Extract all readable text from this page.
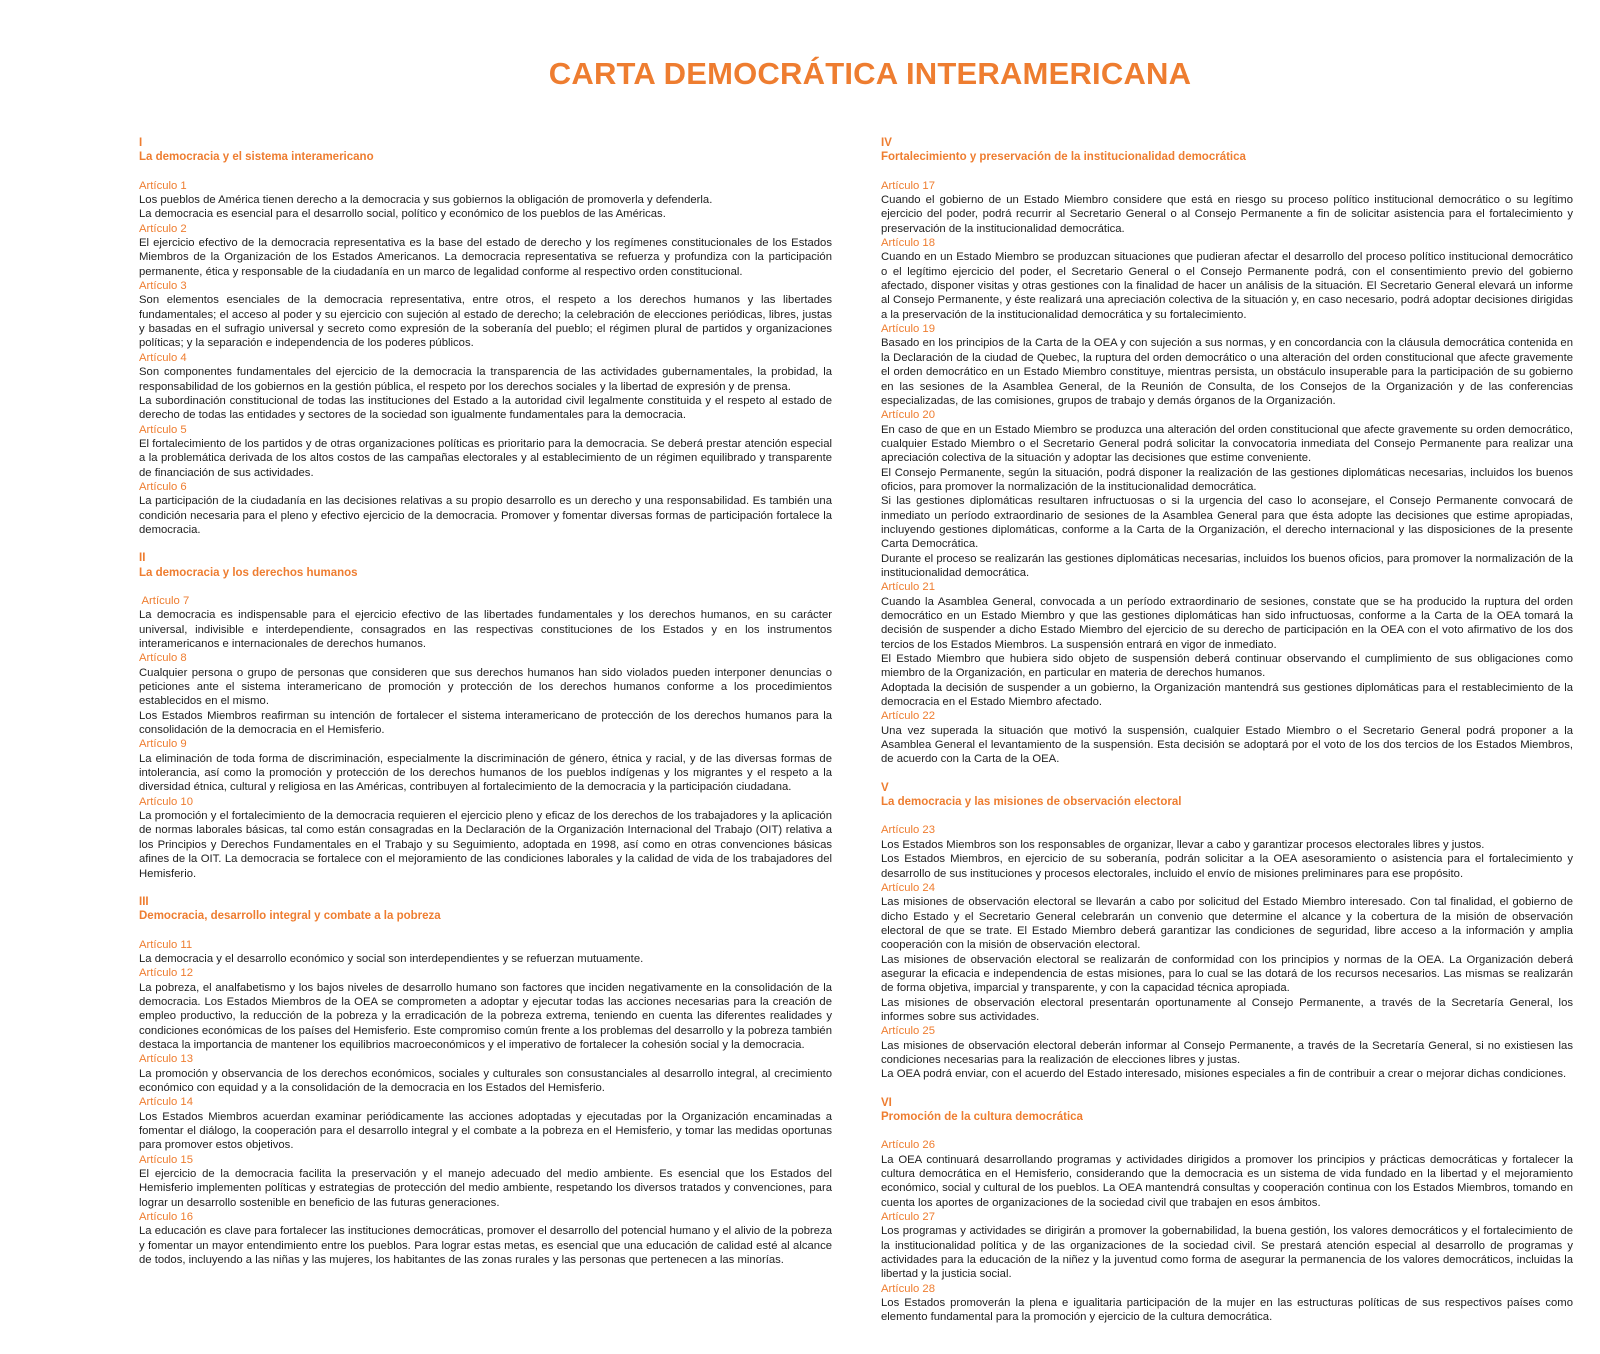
CARTA DEMOCRÁTICA INTERAMERICANA
I
La democracia y el sistema interamericano
Artículo 1

Los pueblos de América tienen derecho a la democracia y sus gobiernos la obligación de promoverla y defenderla.

La democracia es esencial para el desarrollo social, político y económico de los pueblos de las Américas.

Artículo 2

El ejercicio efectivo de la democracia representativa es la base del estado de derecho y los regímenes constitucionales de los Estados Miembros de la Organización de los Estados Americanos. La democracia representativa se refuerza y profundiza con la participación permanente, ética y responsable de la ciudadanía en un marco de legalidad conforme al respectivo orden constitucional.

Artículo 3

Son elementos esenciales de la democracia representativa, entre otros, el respeto a los derechos humanos y las libertades fundamentales; el acceso al poder y su ejercicio con sujeción al estado de derecho; la celebración de elecciones periódicas, libres, justas y basadas en el sufragio universal y secreto como expresión de la soberanía del pueblo; el régimen plural de partidos y organizaciones políticas; y la separación e independencia de los poderes públicos.

Artículo 4

Son componentes fundamentales del ejercicio de la democracia la transparencia de las actividades gubernamentales, la probidad, la responsabilidad de los gobiernos en la gestión pública, el respeto por los derechos sociales y la libertad de expresión y de prensa.

La subordinación constitucional de todas las instituciones del Estado a la autoridad civil legalmente constituida y el respeto al estado de derecho de todas las entidades y sectores de la sociedad son igualmente fundamentales para la democracia.

Artículo 5

El fortalecimiento de los partidos y de otras organizaciones políticas es prioritario para la democracia. Se deberá prestar atención especial a la problemática derivada de los altos costos de las campañas electorales y al establecimiento de un régimen equilibrado y transparente de financiación de sus actividades.

Artículo 6

La participación de la ciudadanía en las decisiones relativas a su propio desarrollo es un derecho y una responsabilidad. Es también una condición necesaria para el pleno y efectivo ejercicio de la democracia. Promover y fomentar diversas formas de participación fortalece la democracia.

II
La democracia y los derechos humanos
Artículo 7

La democracia es indispensable para el ejercicio efectivo de las libertades fundamentales y los derechos humanos, en su carácter universal, indivisible e interdependiente, consagrados en las respectivas constituciones de los Estados y en los instrumentos interamericanos e internacionales de derechos humanos.

Artículo 8

Cualquier persona o grupo de personas que consideren que sus derechos humanos han sido violados pueden interponer denuncias o peticiones ante el sistema interamericano de promoción y protección de los derechos humanos conforme a los procedimientos establecidos en el mismo.

Los Estados Miembros reafirman su intención de fortalecer el sistema interamericano de protección de los derechos humanos para la consolidación de la democracia en el Hemisferio.

Artículo 9

La eliminación de toda forma de discriminación, especialmente la discriminación de género, étnica y racial, y de las diversas formas de intolerancia, así como la promoción y protección de los derechos humanos de los pueblos indígenas y los migrantes y el respeto a la diversidad étnica, cultural y religiosa en las Américas, contribuyen al fortalecimiento de la democracia y la participación ciudadana.

Artículo 10

La promoción y el fortalecimiento de la democracia requieren el ejercicio pleno y eficaz de los derechos de los trabajadores y la aplicación de normas laborales básicas, tal como están consagradas en la Declaración de la Organización Internacional del Trabajo (OIT) relativa a los Principios y Derechos Fundamentales en el Trabajo y su Seguimiento, adoptada en 1998, así como en otras convenciones básicas afines de la OIT. La democracia se fortalece con el mejoramiento de las condiciones laborales y la calidad de vida de los trabajadores del Hemisferio.

III
Democracia, desarrollo integral y combate a la pobreza
Artículo 11

La democracia y el desarrollo económico y social son interdependientes y se refuerzan mutuamente.

Artículo 12

La pobreza, el analfabetismo y los bajos niveles de desarrollo humano son factores que inciden negativamente en la consolidación de la democracia. Los Estados Miembros de la OEA se comprometen a adoptar y ejecutar todas las acciones necesarias para la creación de empleo productivo, la reducción de la pobreza y la erradicación de la pobreza extrema, teniendo en cuenta las diferentes realidades y condiciones económicas de los países del Hemisferio. Este compromiso común frente a los problemas del desarrollo y la pobreza también destaca la importancia de mantener los equilibrios macroeconómicos y el imperativo de fortalecer la cohesión social y la democracia.

Artículo 13

La promoción y observancia de los derechos económicos, sociales y culturales son consustanciales al desarrollo integral, al crecimiento económico con equidad y a la consolidación de la democracia en los Estados del Hemisferio.

Artículo 14

Los Estados Miembros acuerdan examinar periódicamente las acciones adoptadas y ejecutadas por la Organización encaminadas a fomentar el diálogo, la cooperación para el desarrollo integral y el combate a la pobreza en el Hemisferio, y tomar las medidas oportunas para promover estos objetivos.

Artículo 15

El ejercicio de la democracia facilita la preservación y el manejo adecuado del medio ambiente. Es esencial que los Estados del Hemisferio implementen políticas y estrategias de protección del medio ambiente, respetando los diversos tratados y convenciones, para lograr un desarrollo sostenible en beneficio de las futuras generaciones.

Artículo 16

La educación es clave para fortalecer las instituciones democráticas, promover el desarrollo del potencial humano y el alivio de la pobreza y fomentar un mayor entendimiento entre los pueblos. Para lograr estas metas, es esencial que una educación de calidad esté al alcance de todos, incluyendo a las niñas y las mujeres, los habitantes de las zonas rurales y las personas que pertenecen a las minorías.

IV
Fortalecimiento y preservación de la institucionalidad democrática
Artículo 17

Cuando el gobierno de un Estado Miembro considere que está en riesgo su proceso político institucional democrático o su legítimo ejercicio del poder, podrá recurrir al Secretario General o al Consejo Permanente a fin de solicitar asistencia para el fortalecimiento y preservación de la institucionalidad democrática.

Artículo 18

Cuando en un Estado Miembro se produzcan situaciones que pudieran afectar el desarrollo del proceso político institucional democrático o el legítimo ejercicio del poder, el Secretario General o el Consejo Permanente podrá, con el consentimiento previo del gobierno afectado, disponer visitas y otras gestiones con la finalidad de hacer un análisis de la situación. El Secretario General elevará un informe al Consejo Permanente, y éste realizará una apreciación colectiva de la situación y, en caso necesario, podrá adoptar decisiones dirigidas a la preservación de la institucionalidad democrática y su fortalecimiento.

Artículo 19

Basado en los principios de la Carta de la OEA y con sujeción a sus normas, y en concordancia con la cláusula democrática contenida en la Declaración de la ciudad de Quebec, la ruptura del orden democrático o una alteración del orden constitucional que afecte gravemente el orden democrático en un Estado Miembro constituye, mientras persista, un obstáculo insuperable para la participación de su gobierno en las sesiones de la Asamblea General, de la Reunión de Consulta, de los Consejos de la Organización y de las conferencias especializadas, de las comisiones, grupos de trabajo y demás órganos de la Organización.

Artículo 20

En caso de que en un Estado Miembro se produzca una alteración del orden constitucional que afecte gravemente su orden democrático, cualquier Estado Miembro o el Secretario General podrá solicitar la convocatoria inmediata del Consejo Permanente para realizar una apreciación colectiva de la situación y adoptar las decisiones que estime conveniente.

El Consejo Permanente, según la situación, podrá disponer la realización de las gestiones diplomáticas necesarias, incluidos los buenos oficios, para promover la normalización de la institucionalidad democrática.

Si las gestiones diplomáticas resultaren infructuosas o si la urgencia del caso lo aconsejare, el Consejo Permanente convocará de inmediato un período extraordinario de sesiones de la Asamblea General para que ésta adopte las decisiones que estime apropiadas, incluyendo gestiones diplomáticas, conforme a la Carta de la Organización, el derecho internacional y las disposiciones de la presente Carta Democrática.

Durante el proceso se realizarán las gestiones diplomáticas necesarias, incluidos los buenos oficios, para promover la normalización de la institucionalidad democrática.

Artículo 21

Cuando la Asamblea General, convocada a un período extraordinario de sesiones, constate que se ha producido la ruptura del orden democrático en un Estado Miembro y que las gestiones diplomáticas han sido infructuosas, conforme a la Carta de la OEA tomará la decisión de suspender a dicho Estado Miembro del ejercicio de su derecho de participación en la OEA con el voto afirmativo de los dos tercios de los Estados Miembros. La suspensión entrará en vigor de inmediato.

El Estado Miembro que hubiera sido objeto de suspensión deberá continuar observando el cumplimiento de sus obligaciones como miembro de la Organización, en particular en materia de derechos humanos.

Adoptada la decisión de suspender a un gobierno, la Organización mantendrá sus gestiones diplomáticas para el restablecimiento de la democracia en el Estado Miembro afectado.

Artículo 22

Una vez superada la situación que motivó la suspensión, cualquier Estado Miembro o el Secretario General podrá proponer a la Asamblea General el levantamiento de la suspensión. Esta decisión se adoptará por el voto de los dos tercios de los Estados Miembros, de acuerdo con la Carta de la OEA.

V
La democracia y las misiones de observación electoral
Artículo 23

Los Estados Miembros son los responsables de organizar, llevar a cabo y garantizar procesos electorales libres y justos.

Los Estados Miembros, en ejercicio de su soberanía, podrán solicitar a la OEA asesoramiento o asistencia para el fortalecimiento y desarrollo de sus instituciones y procesos electorales, incluido el envío de misiones preliminares para ese propósito.

Artículo 24

Las misiones de observación electoral se llevarán a cabo por solicitud del Estado Miembro interesado. Con tal finalidad, el gobierno de dicho Estado y el Secretario General celebrarán un convenio que determine el alcance y la cobertura de la misión de observación electoral de que se trate. El Estado Miembro deberá garantizar las condiciones de seguridad, libre acceso a la información y amplia cooperación con la misión de observación electoral.

Las misiones de observación electoral se realizarán de conformidad con los principios y normas de la OEA. La Organización deberá asegurar la eficacia e independencia de estas misiones, para lo cual se las dotará de los recursos necesarios. Las mismas se realizarán de forma objetiva, imparcial y transparente, y con la capacidad técnica apropiada.

Las misiones de observación electoral presentarán oportunamente al Consejo Permanente, a través de la Secretaría General, los informes sobre sus actividades.

Artículo 25

Las misiones de observación electoral deberán informar al Consejo Permanente, a través de la Secretaría General, si no existiesen las condiciones necesarias para la realización de elecciones libres y justas.

La OEA podrá enviar, con el acuerdo del Estado interesado, misiones especiales a fin de contribuir a crear o mejorar dichas condiciones.

VI
Promoción de la cultura democrática
Artículo 26

La OEA continuará desarrollando programas y actividades dirigidos a promover los principios y prácticas democráticas y fortalecer la cultura democrática en el Hemisferio, considerando que la democracia es un sistema de vida fundado en la libertad y el mejoramiento económico, social y cultural de los pueblos. La OEA mantendrá consultas y cooperación continua con los Estados Miembros, tomando en cuenta los aportes de organizaciones de la sociedad civil que trabajen en esos ámbitos.

Artículo 27

Los programas y actividades se dirigirán a promover la gobernabilidad, la buena gestión, los valores democráticos y el fortalecimiento de la institucionalidad política y de las organizaciones de la sociedad civil. Se prestará atención especial al desarrollo de programas y actividades para la educación de la niñez y la juventud como forma de asegurar la permanencia de los valores democráticos, incluidas la libertad y la justicia social.

Artículo 28

Los Estados promoverán la plena e igualitaria participación de la mujer en las estructuras políticas de sus respectivos países como elemento fundamental para la promoción y ejercicio de la cultura democrática.
